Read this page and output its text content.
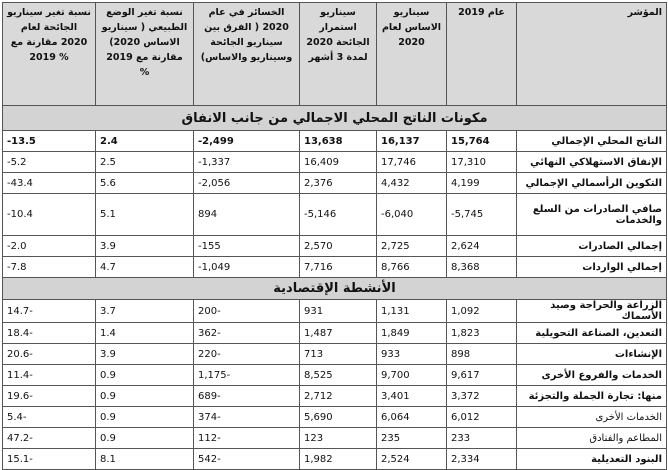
نسبة تغير سيناريو الجائحة لعام 2020 مقارنة مع 2019 %	نسبة تغير الوضع الطبيعي ( سيناريو الاساس 2020) مقارنة مع 2019 %	الخسائر في عام 2020 ( الفرق بين سيناريو الجائحة وسيناريو والاساس)	سيناريو استمرار الجائحة 2020 لمدة 3 أشهر	سيناريو الاساس لعام 2020	عام 2019	المؤشر
مكونات الناتج المحلي الاجمالي من جانب الانفاق						
-13.5	2.4	-2,499	13,638	16,137	15,764	الناتج المحلي الإجمالي
-5.2	2.5	-1,337	16,409	17,746	17,310	الإنفاق الاستهلاكي النهائي
-43.4	5.6	-2,056	2,376	4,432	4,199	التكوين الرأسمالي الإجمالي
-10.4	5.1	894	-5,146	-6,040	-5,745	صافي الصادرات من السلع والخدمات
-2.0	3.9	-155	2,570	2,725	2,624	إجمالي الصادرات
-7.8	4.7	-1,049	7,716	8,766	8,368	إجمالي الواردات
الأنشطة الإقتصادية						
14.7-	3.7	200-	931	1,131	1,092	الزراعة والحراجة وصيد الأسماك
18.4-	1.4	362-	1,487	1,849	1,823	التعدين، الصناعة التحويلية
20.6-	3.9	220-	713	933	898	الإنشاءات
11.4-	0.9	1,175-	8,525	9,700	9,617	الخدمات والفروع الأخرى
19.6-	0.9	689-	2,712	3,401	3,372	منها: تجارة الجملة والتجزئة
5.4-	0.9	374-	5,690	6,064	6,012	الخدمات الأخرى
47.2-	0.9	112-	123	235	233	المطاعم والفنادق
15.1-	8.1	542-	1,982	2,524	2,334	البنود التعديلية
